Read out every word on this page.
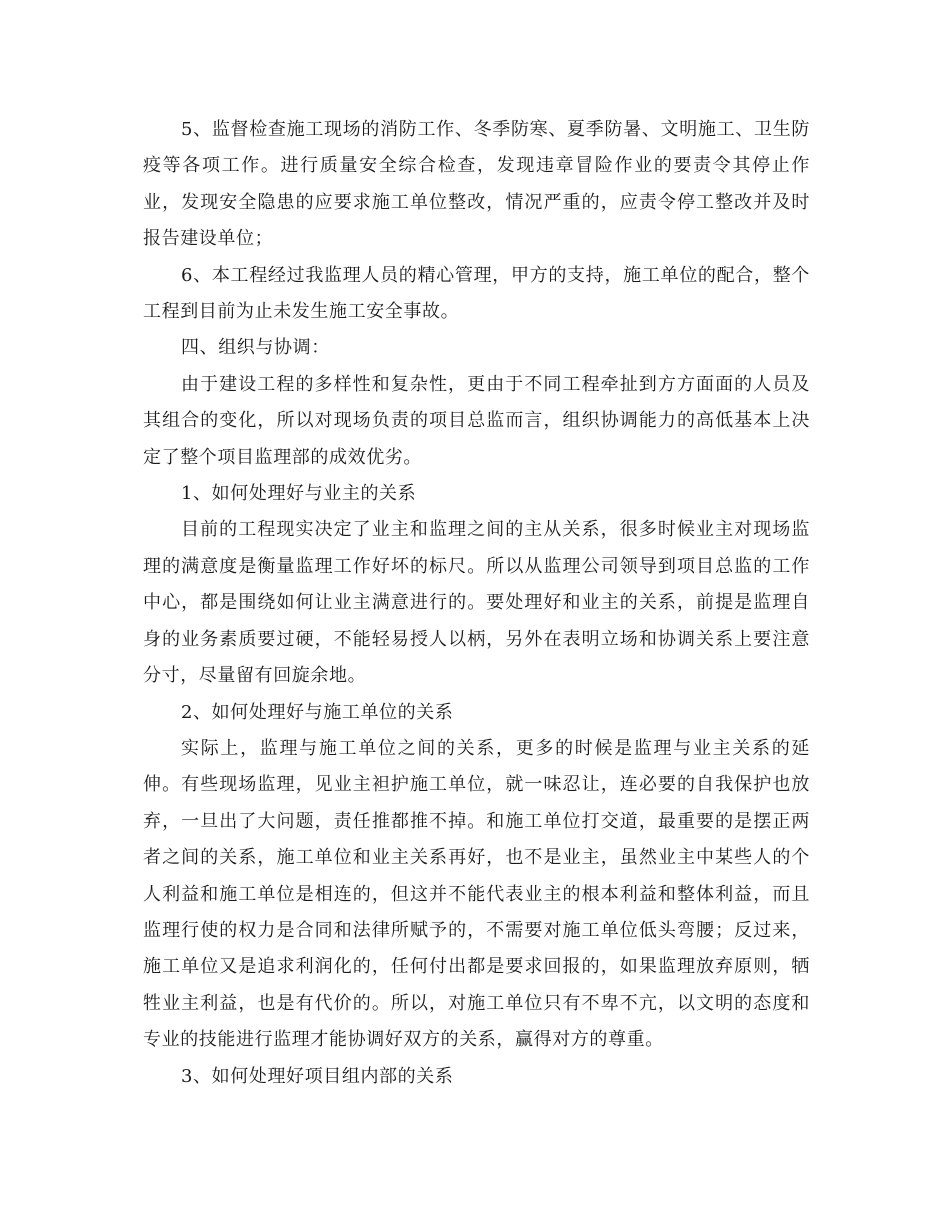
5、监督检查施工现场的消防工作、冬季防寒、夏季防暑、文明施工、卫生防疫等各项工作。进行质量安全综合检查，发现违章冒险作业的要责令其停止作业，发现安全隐患的应要求施工单位整改，情况严重的，应责令停工整改并及时报告建设单位；

6、本工程经过我监理人员的精心管理，甲方的支持，施工单位的配合，整个工程到目前为止未发生施工安全事故。

四、组织与协调：

由于建设工程的多样性和复杂性，更由于不同工程牵扯到方方面面的人员及其组合的变化，所以对现场负责的项目总监而言，组织协调能力的高低基本上决定了整个项目监理部的成效优劣。

1、如何处理好与业主的关系

目前的工程现实决定了业主和监理之间的主从关系，很多时候业主对现场监理的满意度是衡量监理工作好坏的标尺。所以从监理公司领导到项目总监的工作中心，都是围绕如何让业主满意进行的。要处理好和业主的关系，前提是监理自身的业务素质要过硬，不能轻易授人以柄，另外在表明立场和协调关系上要注意分寸，尽量留有回旋余地。

2、如何处理好与施工单位的关系

实际上，监理与施工单位之间的关系，更多的时候是监理与业主关系的延伸。有些现场监理，见业主袒护施工单位，就一味忍让，连必要的自我保护也放弃，一旦出了大问题，责任推都推不掉。和施工单位打交道，最重要的是摆正两者之间的关系，施工单位和业主关系再好，也不是业主，虽然业主中某些人的个人利益和施工单位是相连的，但这并不能代表业主的根本利益和整体利益，而且监理行使的权力是合同和法律所赋予的，不需要对施工单位低头弯腰；反过来，施工单位又是追求利润化的，任何付出都是要求回报的，如果监理放弃原则，牺牲业主利益，也是有代价的。所以，对施工单位只有不卑不亢，以文明的态度和专业的技能进行监理才能协调好双方的关系，赢得对方的尊重。

3、如何处理好项目组内部的关系
